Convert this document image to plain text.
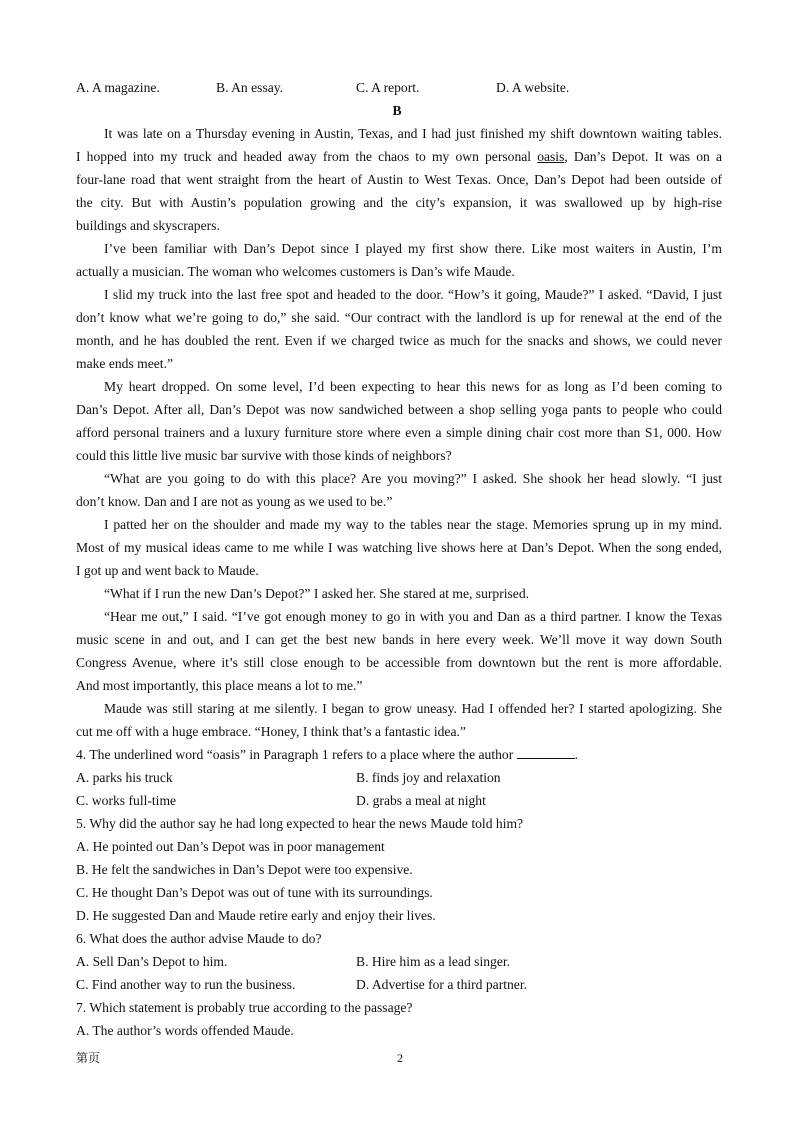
A. A magazine.	B. An essay.	C. A report.	D. A website.
B
It was late on a Thursday evening in Austin, Texas, and I had just finished my shift downtown waiting tables.
I hopped into my truck and headed away from the chaos to my own personal oasis, Dan’s Depot. It was on a
four-lane road that went straight from the heart of Austin to West Texas. Once, Dan’s Depot had been outside of
the city. But with Austin’s population growing and the city’s expansion, it was swallowed up by high-rise
buildings and skyscrapers.
I’ve been familiar with Dan’s Depot since I played my first show there. Like most waiters in Austin, I’m
actually a musician. The woman who welcomes customers is Dan’s wife Maude.
I slid my truck into the last free spot and headed to the door. “How’s it going, Maude?” I asked. “David, I just
don’t know what we’re going to do,” she said. “Our contract with the landlord is up for renewal at the end of the
month, and he has doubled the rent. Even if we charged twice as much for the snacks and shows, we could never
make ends meet.”
My heart dropped. On some level, I’d been expecting to hear this news for as long as I’d been coming to
Dan’s Depot. After all, Dan’s Depot was now sandwiched between a shop selling yoga pants to people who could
afford personal trainers and a luxury furniture store where even a simple dining chair cost more than S1, 000. How
could this little live music bar survive with those kinds of neighbors?
“What are you going to do with this place? Are you moving?” I asked. She shook her head slowly. “I just
don’t know. Dan and I are not as young as we used to be.”
I patted her on the shoulder and made my way to the tables near the stage. Memories sprung up in my mind.
Most of my musical ideas came to me while I was watching live shows here at Dan’s Depot. When the song ended,
I got up and went back to Maude.
“What if I run the new Dan’s Depot?” I asked her. She stared at me, surprised.
“Hear me out,” I said. “I’ve got enough money to go in with you and Dan as a third partner. I know the Texas
music scene in and out, and I can get the best new bands in here every week. We’ll move it way down South
Congress Avenue, where it’s still close enough to be accessible from downtown but the rent is more affordable.
And most importantly, this place means a lot to me.”
Maude was still staring at me silently. I began to grow uneasy. Had I offended her? I started apologizing. She
cut me off with a huge embrace. “Honey, I think that’s a fantastic idea.”
4. The underlined word “oasis” in Paragraph 1 refers to a place where the author	.
A. parks his truck	B. finds joy and relaxation
C. works full-time	D. grabs a meal at night
5. Why did the author say he had long expected to hear the news Maude told him?
A. He pointed out Dan’s Depot was in poor management
B. He felt the sandwiches in Dan’s Depot were too expensive.
C. He thought Dan’s Depot was out of tune with its surroundings.
D. He suggested Dan and Maude retire early and enjoy their lives.
6. What does the author advise Maude to do?
A. Sell Dan’s Depot to him.	B. Hire him as a lead singer.
C. Find another way to run the business.	D. Advertise for a third partner.
7. Which statement is probably true according to the passage?
A. The author’s words offended Maude.
第页	2
